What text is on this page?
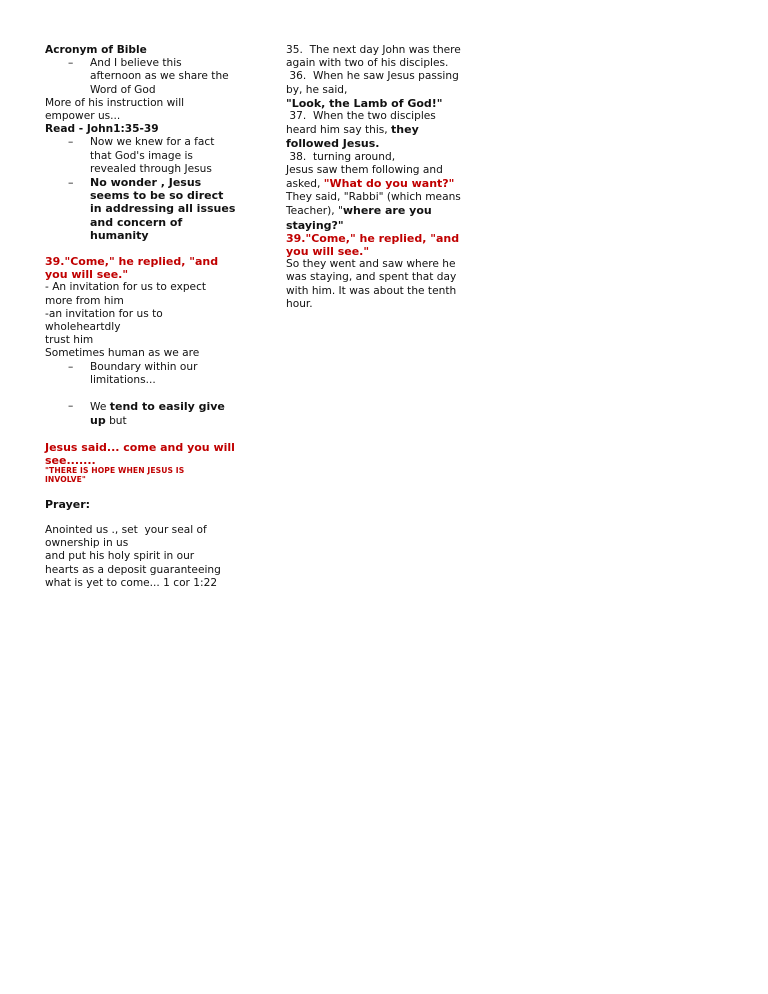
Acronym of Bible
– And I believe this
afternoon as we share the
Word of God
More of his instruction will
empower us...
Read - John1:35-39
– Now we knew for a fact
that God's image is
revealed through Jesus
– No wonder , Jesus
seems to be so direct
in addressing all issues
and concern of
humanity
39."Come," he replied, "and
you will see."
- An invitation for us to expect
more from him
-an invitation for us to
wholeheartdly
trust him
Sometimes human as we are
– Boundary within our
limitations...
– We tend to easily give
up but
Jesus said... come and you will
see.......
"THERE IS HOPE WHEN JESUS IS
INVOLVE"
Prayer:
Anointed us ., set  your seal of
ownership in us
and put his holy spirit in our
hearts as a deposit guaranteeing
what is yet to come... 1 cor 1:22
35.  The next day John was there
again with two of his disciples.
36.  When he saw Jesus passing
by, he said,
"Look, the Lamb of God!"
37.  When the two disciples
heard him say this, they
followed Jesus.
38.  turning around,
Jesus saw them following and
asked, "What do you want?"
They said, "Rabbi" (which means
Teacher), "where are you
staying?"
39."Come," he replied, "and
you will see."
So they went and saw where he
was staying, and spent that day
with him. It was about the tenth
hour.
